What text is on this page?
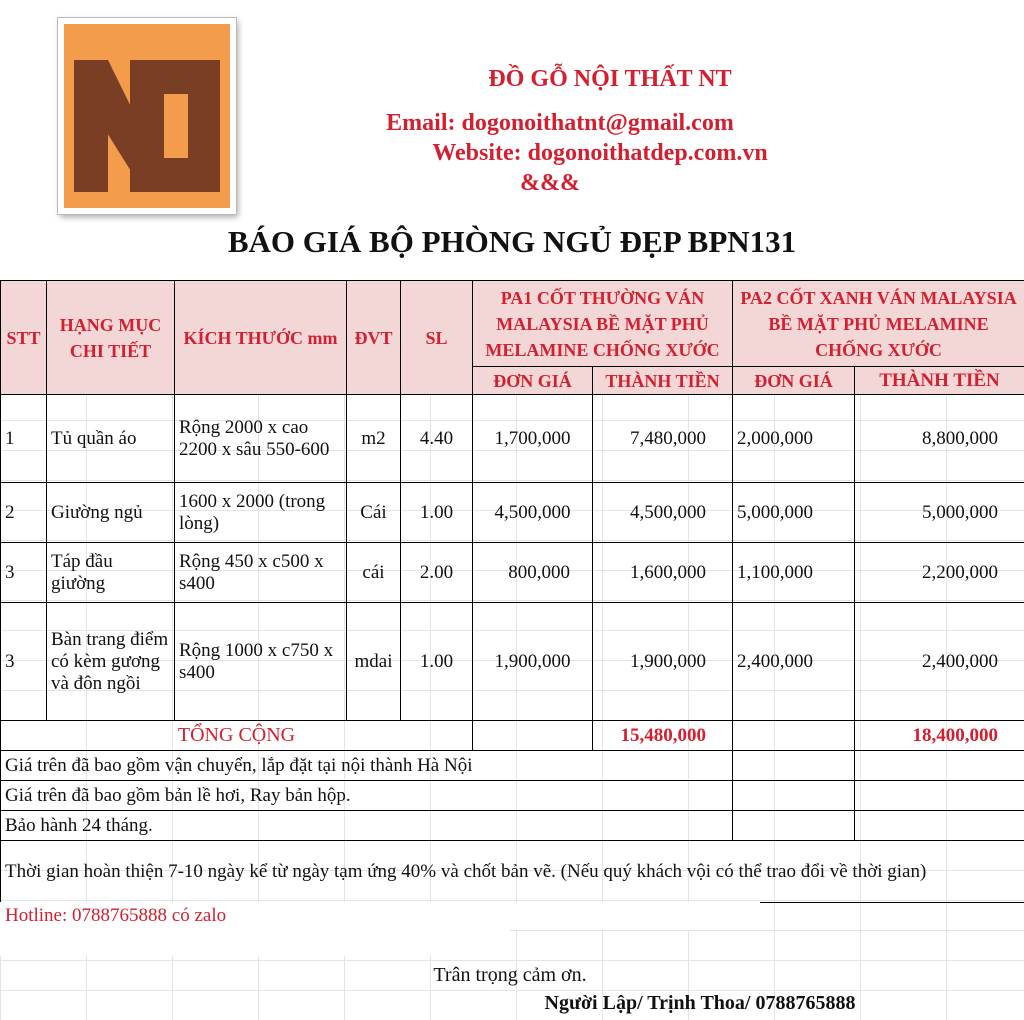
ĐỒ GỖ NỘI THẤT NT

Email: dogonoithatnt@gmail.com

Website: dogonoithatdep.com.vn

&&&

BÁO GIÁ BỘ PHÒNG NGỦ ĐẸP BPN131

STT	HẠNG MỤC CHI TIẾT	KÍCH THƯỚC mm	ĐVT	SL	PA1 CỐT THƯỜNG VÁN MALAYSIA BỀ MẶT PHỦ MELAMINE CHỐNG XƯỚC		PA2 CỐT XANH VÁN MALAYSIA BỀ MẶT PHỦ MELAMINE CHỐNG XƯỚC	
					ĐƠN GIÁ	THÀNH TIỀN	ĐƠN GIÁ	THÀNH TIỀN
1	Tủ quần áo	Rộng 2000 x cao 2200 x sâu 550-600	m2	4.40	1,700,000	7,480,000	2,000,000	8,800,000
2	Giường ngủ	1600 x 2000 (trong lòng)	Cái	1.00	4,500,000	4,500,000	5,000,000	5,000,000
3	Táp đầu giường	Rộng 450 x c500 x s400	cái	2.00	800,000	1,600,000	1,100,000	2,200,000
3	Bàn trang điểm có kèm gương và đôn ngồi	Rộng 1000 x c750 x s400	mdai	1.00	1,900,000	1,900,000	2,400,000	2,400,000
TỔNG CỘNG						15,480,000		18,400,000
Giá trên đã bao gồm vận chuyển, lắp đặt tại nội thành Hà Nội								
Giá trên đã bao gồm bản lề hơi, Ray bản hộp.								
Bảo hành 24 tháng.								
Thời gian hoàn thiện 7-10 ngày kể từ ngày tạm ứng 40% và chốt bản vẽ. (Nếu quý khách vội có thể trao đổi về thời gian)								
Hotline: 0788765888 có zalo

Trân trọng cảm ơn.

Người Lập/ Trịnh Thoa/ 0788765888
